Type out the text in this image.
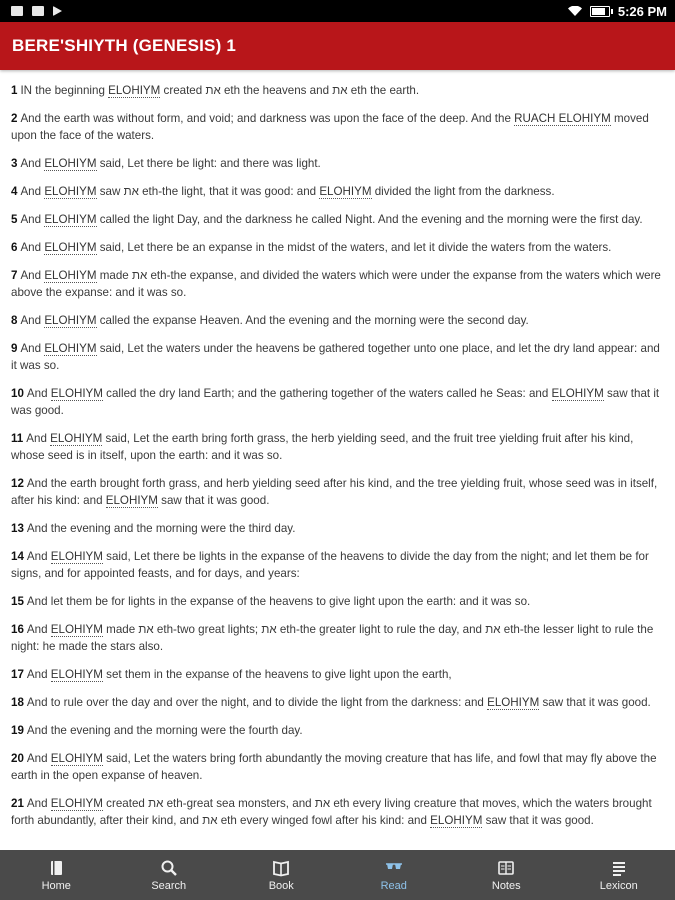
5:26 PM
BERE'SHIYTH (GENESIS) 1

1 IN the beginning ELOHIYM created את eth the heavens and את eth the earth.

2 And the earth was without form, and void; and darkness was upon the face of the deep. And the RUACH ELOHIYM moved upon the face of the waters.

3 And ELOHIYM said, Let there be light: and there was light.

4 And ELOHIYM saw את eth-the light, that it was good: and ELOHIYM divided the light from the darkness.

5 And ELOHIYM called the light Day, and the darkness he called Night. And the evening and the morning were the first day.

6 And ELOHIYM said, Let there be an expanse in the midst of the waters, and let it divide the waters from the waters.

7 And ELOHIYM made את eth-the expanse, and divided the waters which were under the expanse from the waters which were above the expanse: and it was so.

8 And ELOHIYM called the expanse Heaven. And the evening and the morning were the second day.

9 And ELOHIYM said, Let the waters under the heavens be gathered together unto one place, and let the dry land appear: and it was so.

10 And ELOHIYM called the dry land Earth; and the gathering together of the waters called he Seas: and ELOHIYM saw that it was good.

11 And ELOHIYM said, Let the earth bring forth grass, the herb yielding seed, and the fruit tree yielding fruit after his kind, whose seed is in itself, upon the earth: and it was so.

12 And the earth brought forth grass, and herb yielding seed after his kind, and the tree yielding fruit, whose seed was in itself, after his kind: and ELOHIYM saw that it was good.

13 And the evening and the morning were the third day.

14 And ELOHIYM said, Let there be lights in the expanse of the heavens to divide the day from the night; and let them be for signs, and for appointed feasts, and for days, and years:

15 And let them be for lights in the expanse of the heavens to give light upon the earth: and it was so.

16 And ELOHIYM made את eth-two great lights; את eth-the greater light to rule the day, and את eth-the lesser light to rule the night: he made the stars also.

17 And ELOHIYM set them in the expanse of the heavens to give light upon the earth,

18 And to rule over the day and over the night, and to divide the light from the darkness: and ELOHIYM saw that it was good.

19 And the evening and the morning were the fourth day.

20 And ELOHIYM said, Let the waters bring forth abundantly the moving creature that has life, and fowl that may fly above the earth in the open expanse of heaven.

21 And ELOHIYM created את eth-great sea monsters, and את eth every living creature that moves, which the waters brought forth abundantly, after their kind, and את eth every winged fowl after his kind: and ELOHIYM saw that it was good.

Home	Search	Book	Read	Notes	Lexicon
